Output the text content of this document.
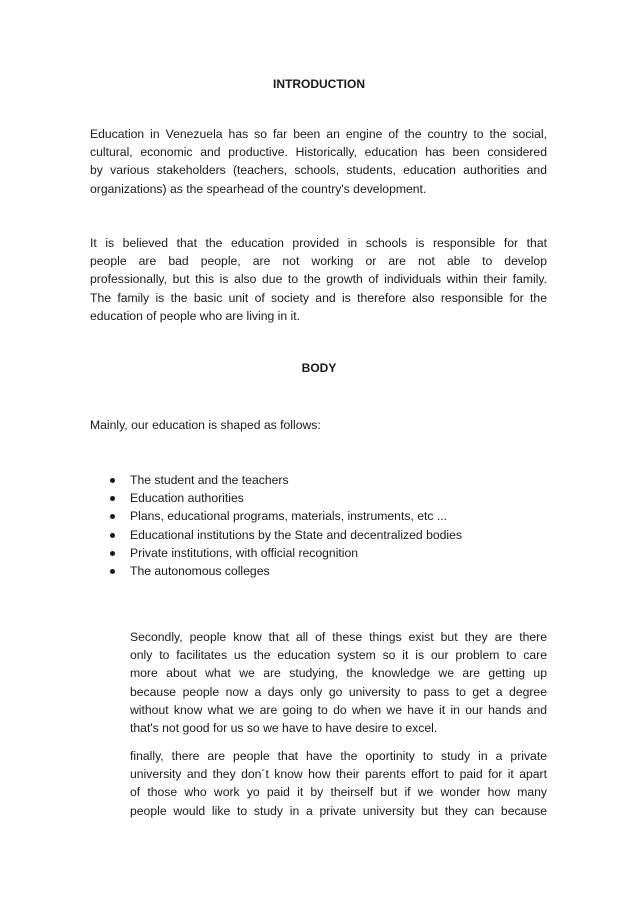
INTRODUCTION

Education in Venezuela has so far been an engine of the country to the social,
cultural, economic and productive. Historically, education has been considered
by various stakeholders (teachers, schools, students, education authorities and
organizations) as the spearhead of the country's development.

It is believed that the education provided in schools is responsible for that
people are bad people, are not working or are not able to develop
professionally, but this is also due to the growth of individuals within their family.
The family is the basic unit of society and is therefore also responsible for the
education of people who are living in it.

BODY

Mainly, our education is shaped as follows:

The student and the teachers
Education authorities
Plans, educational programs, materials, instruments, etc ...
Educational institutions by the State and decentralized bodies
Private institutions, with official recognition
The autonomous colleges

Secondly, people know that all of these things exist but they are there
only to facilitates us the education system so it is our problem to care
more about what we are studying, the knowledge we are getting up
because people now a days only go university to pass to get a degree
without know what we are going to do when we have it in our hands and
that's not good for us so we have to have desire to excel.

finally, there are people that have the oportinity to study in a private
university and they don´t know how their parents effort to paid for it apart
of those who work yo paid it by theirself but if we wonder how many
people would like to study in a private university but they can because
